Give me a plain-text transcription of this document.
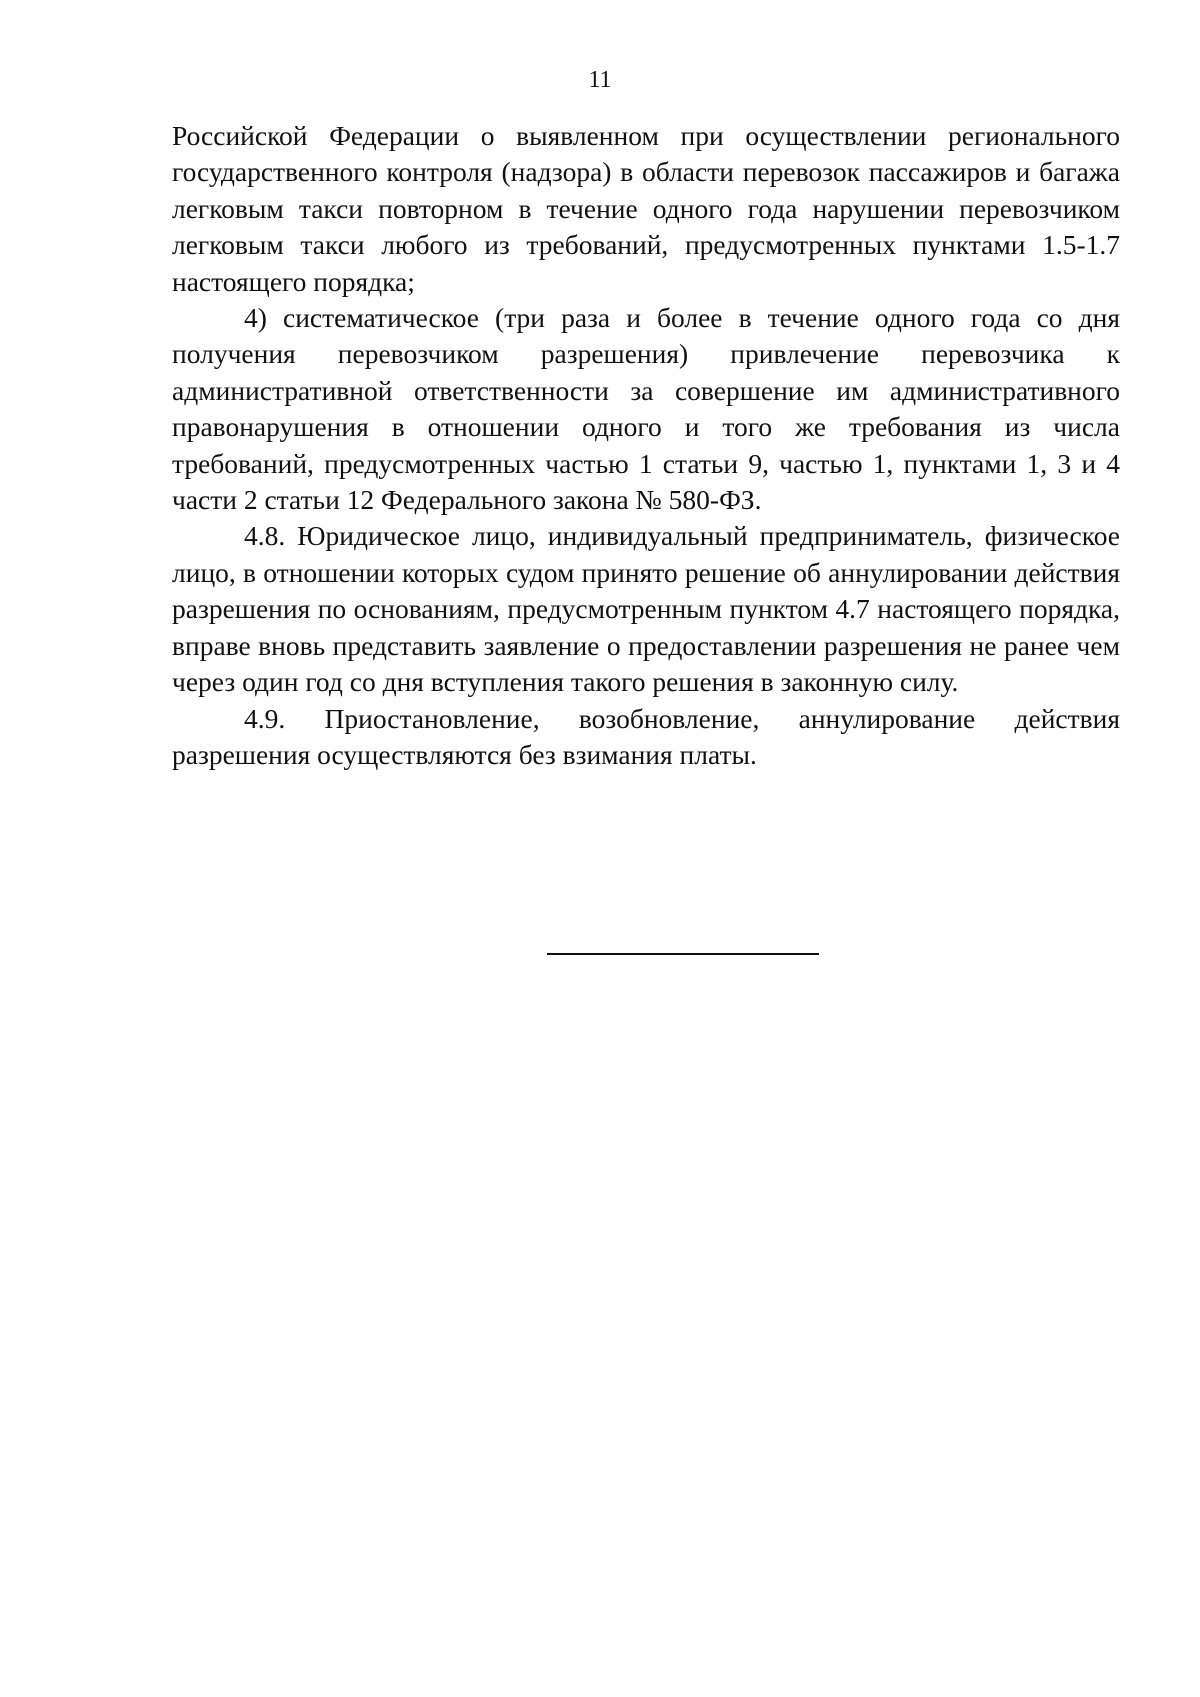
11

Российской Федерации о выявленном при осуществлении регионального государственного контроля (надзора) в области перевозок пассажиров и багажа легковым такси повторном в течение одного года нарушении перевозчиком легковым такси любого из требований, предусмотренных пунктами 1.5-1.7 настоящего порядка;

4) систематическое (три раза и более в течение одного года со дня получения перевозчиком разрешения) привлечение перевозчика к административной ответственности за совершение им административного правонарушения в отношении одного и того же требования из числа требований, предусмотренных частью 1 статьи 9, частью 1, пунктами 1, 3 и 4 части 2 статьи 12 Федерального закона № 580-ФЗ.

4.8. Юридическое лицо, индивидуальный предприниматель, физическое лицо, в отношении которых судом принято решение об аннулировании действия разрешения по основаниям, предусмотренным пунктом 4.7 настоящего порядка, вправе вновь представить заявление о предоставлении разрешения не ранее чем через один год со дня вступления такого решения в законную силу.

4.9. Приостановление, возобновление, аннулирование действия разрешения осуществляются без взимания платы.
